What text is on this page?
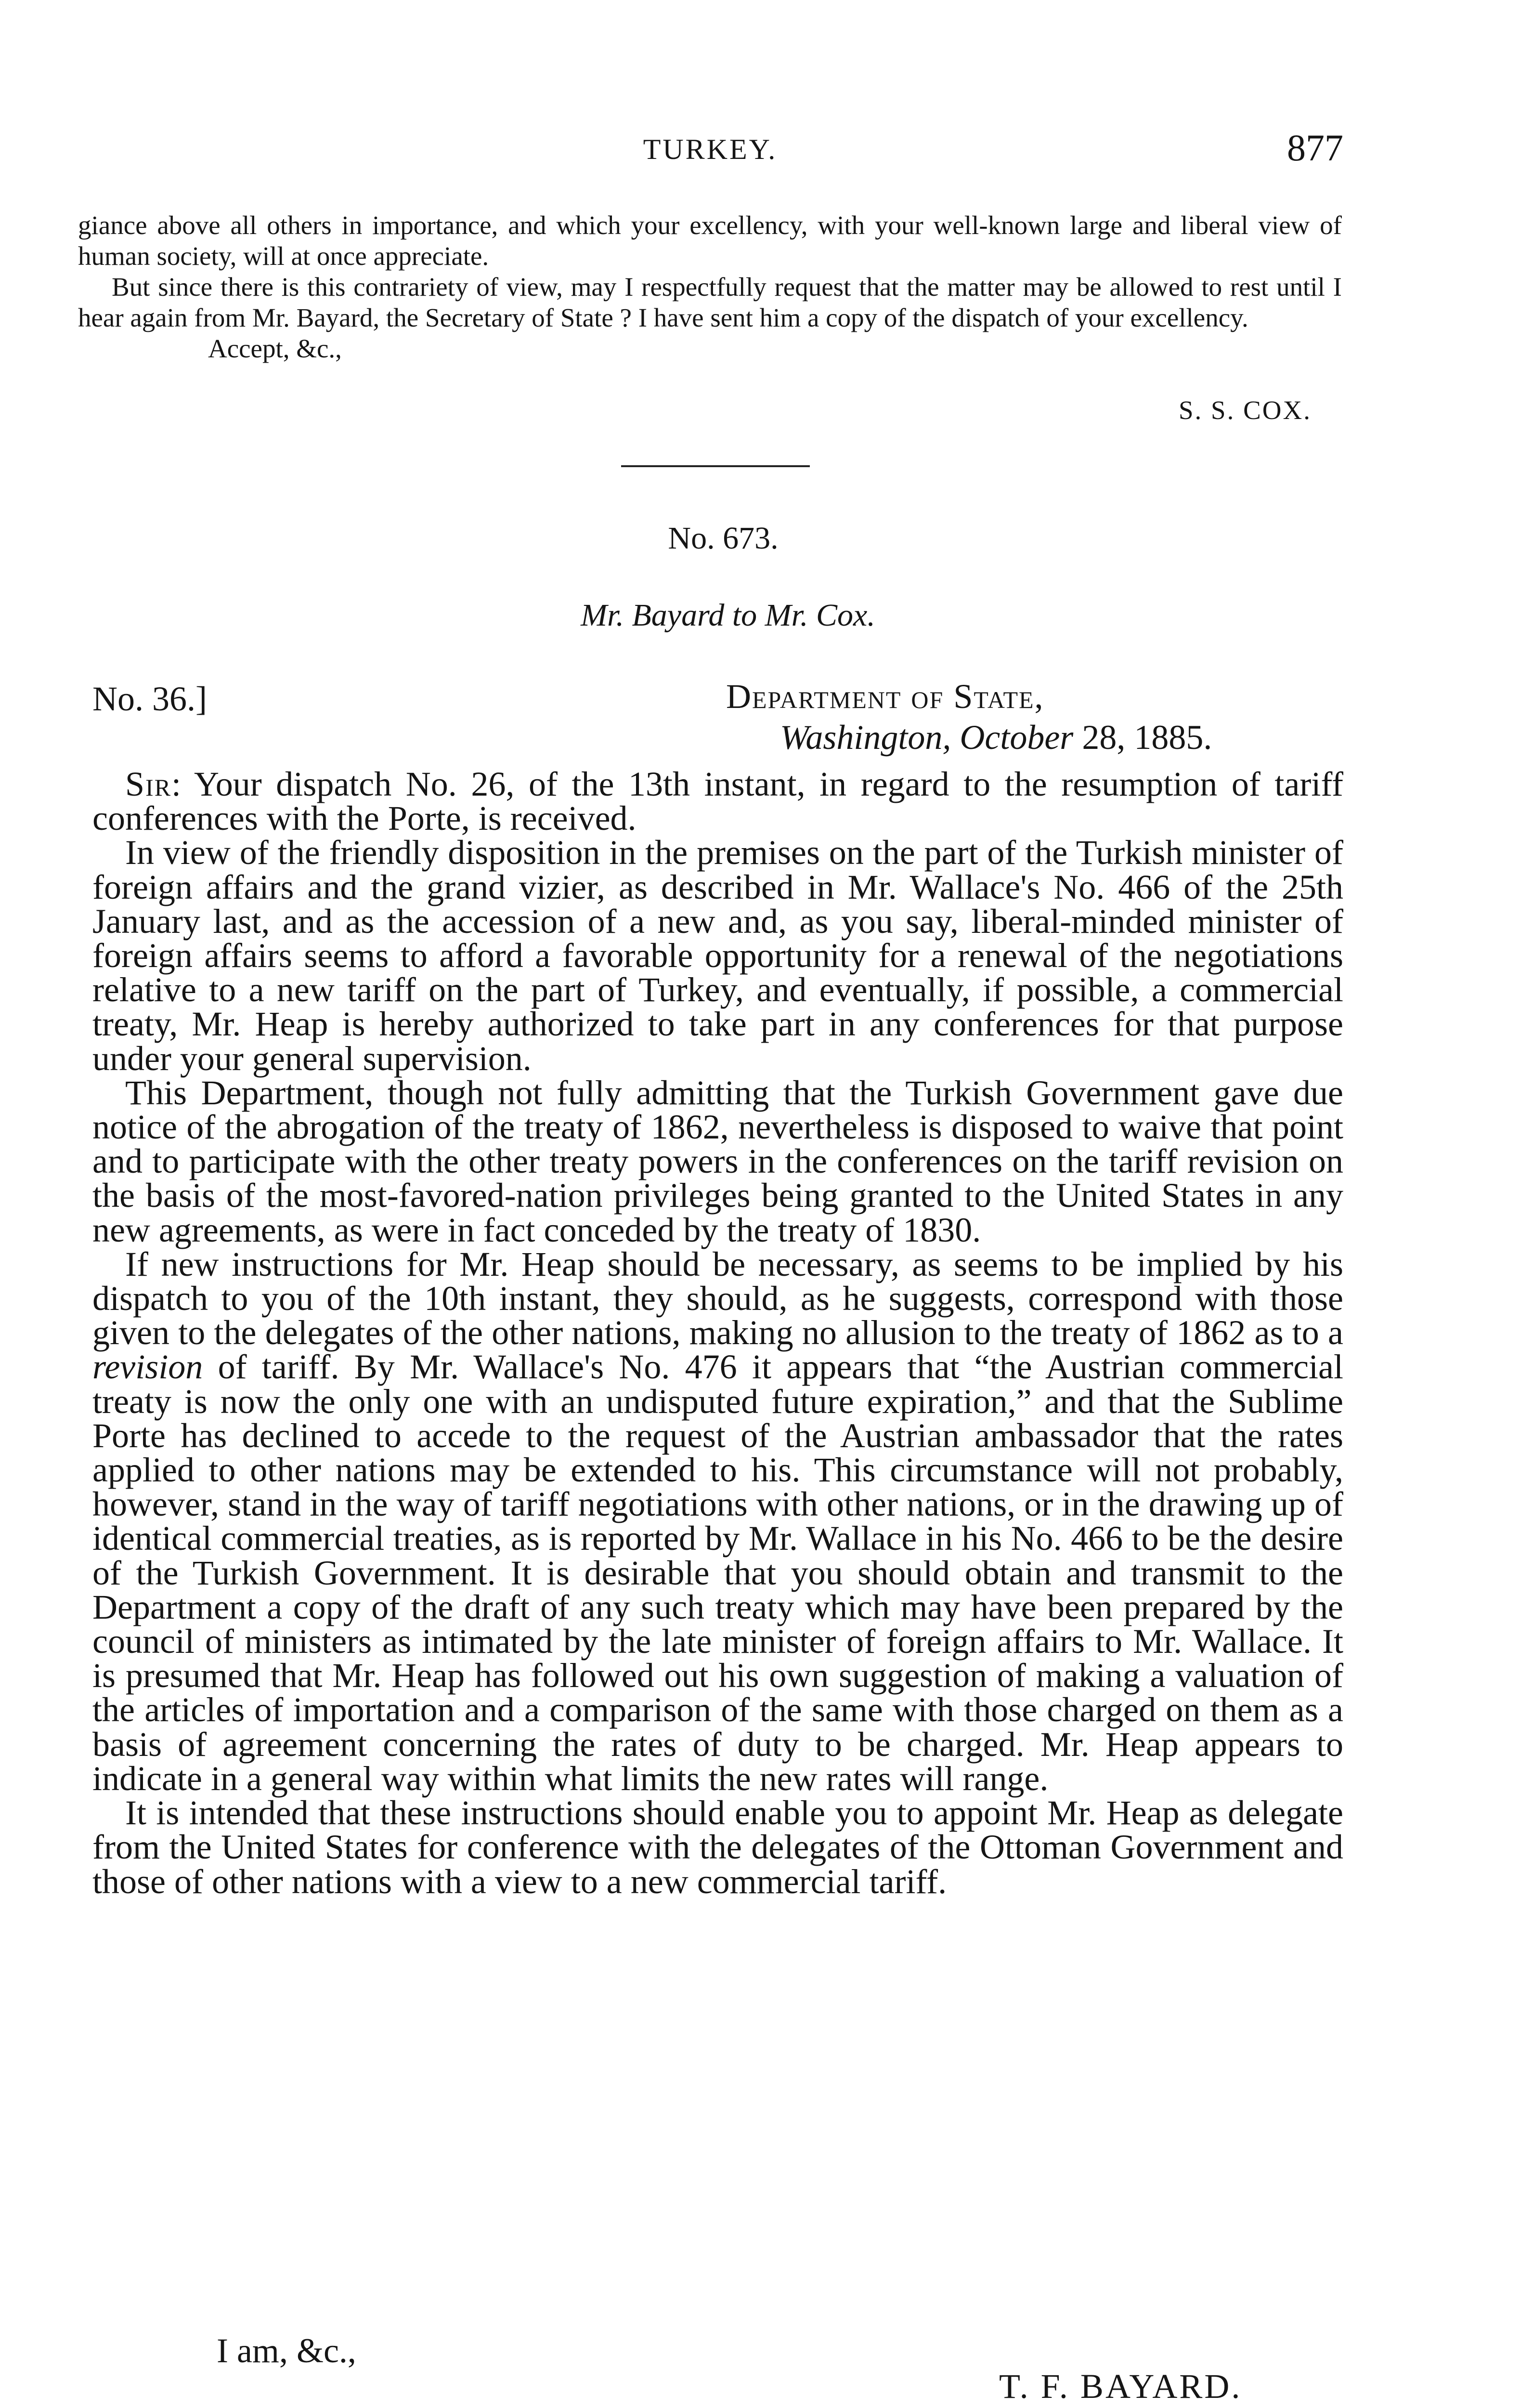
TURKEY.	877

giance above all others in importance, and which your excellency, with your well-known large and liberal view of human society, will at once appreciate.

But since there is this contrariety of view, may I respectfully request that the matter may be allowed to rest until I hear again from Mr. Bayard, the Secretary of State ? I have sent him a copy of the dispatch of your excellency.

Accept, &c.,

S. S. COX.
No. 673.
Mr. Bayard to Mr. Cox.
No. 36.]	Department of State,
Washington, October 28, 1885.

Sir: Your dispatch No. 26, of the 13th instant, in regard to the resumption of tariff conferences with the Porte, is received.

In view of the friendly disposition in the premises on the part of the Turkish minister of foreign affairs and the grand vizier, as described in Mr. Wallace's No. 466 of the 25th January last, and as the accession of a new and, as you say, liberal-minded minister of foreign affairs seems to afford a favorable opportunity for a renewal of the negotiations relative to a new tariff on the part of Turkey, and eventually, if possible, a commercial treaty, Mr. Heap is hereby authorized to take part in any conferences for that purpose under your general supervision.

This Department, though not fully admitting that the Turkish Government gave due notice of the abrogation of the treaty of 1862, nevertheless is disposed to waive that point and to participate with the other treaty powers in the conferences on the tariff revision on the basis of the most-favored-nation privileges being granted to the United States in any new agreements, as were in fact conceded by the treaty of 1830.

If new instructions for Mr. Heap should be necessary, as seems to be implied by his dispatch to you of the 10th instant, they should, as he suggests, correspond with those given to the delegates of the other nations, making no allusion to the treaty of 1862 as to a revision of tariff. By Mr. Wallace's No. 476 it appears that “the Austrian commercial treaty is now the only one with an undisputed future expiration,” and that the Sublime Porte has declined to accede to the request of the Austrian ambassador that the rates applied to other nations may be extended to his. This circumstance will not probably, however, stand in the way of tariff negotiations with other nations, or in the drawing up of identical commercial treaties, as is reported by Mr. Wallace in his No. 466 to be the desire of the Turkish Government. It is desirable that you should obtain and transmit to the Department a copy of the draft of any such treaty which may have been prepared by the council of ministers as intimated by the late minister of foreign affairs to Mr. Wallace. It is presumed that Mr. Heap has followed out his own suggestion of making a valuation of the articles of importation and a comparison of the same with those charged on them as a basis of agreement concerning the rates of duty to be charged. Mr. Heap appears to indicate in a general way within what limits the new rates will range.

It is intended that these instructions should enable you to appoint Mr. Heap as delegate from the United States for conference with the delegates of the Ottoman Government and those of other nations with a view to a new commercial tariff.

I am, &c.,
T. F. BAYARD.
